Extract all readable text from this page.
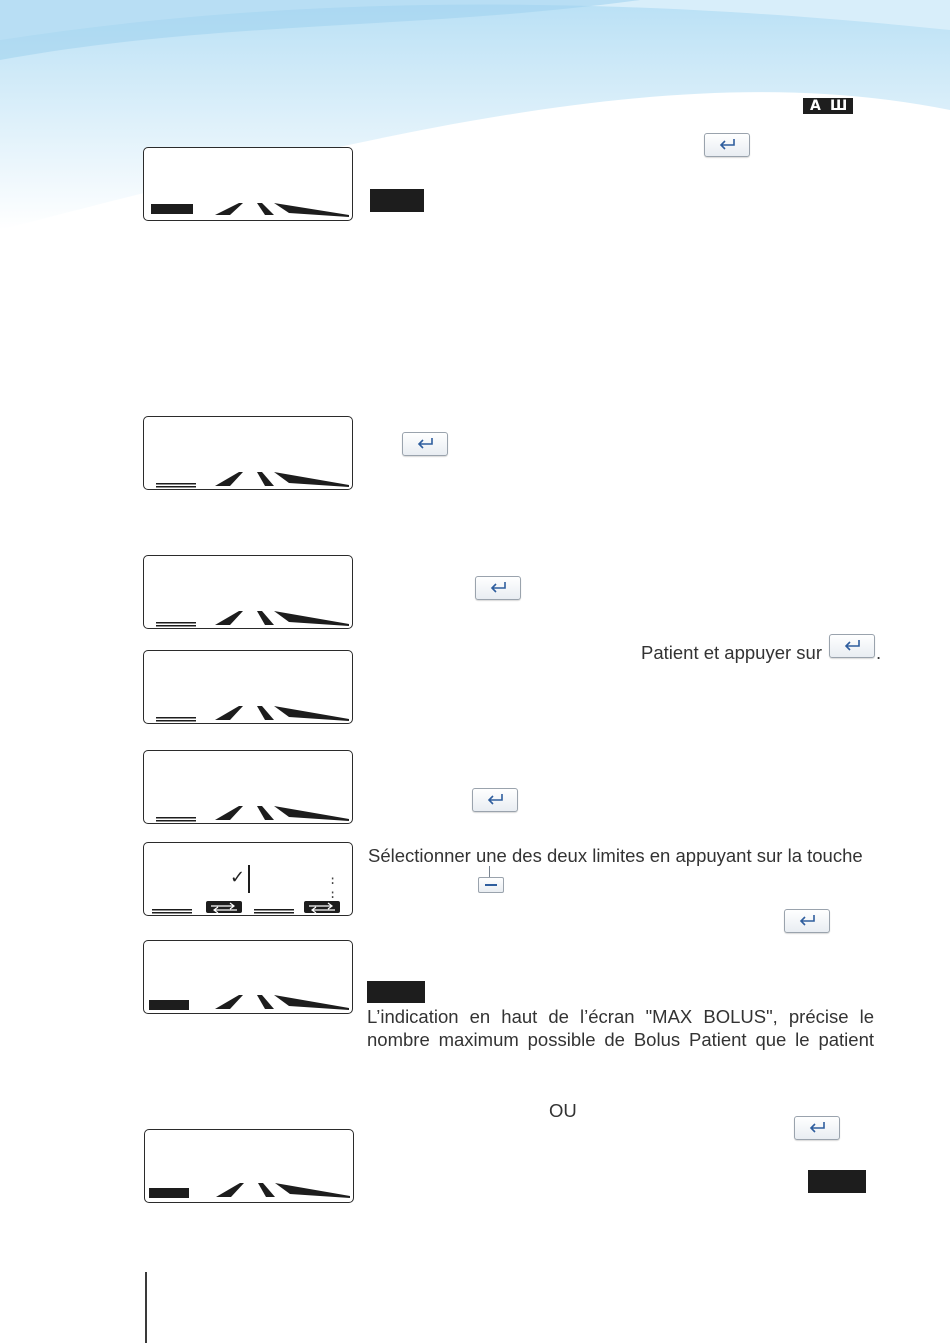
A Ш
Patient et appuyer sur	.
✓	: :
Sélectionner une des deux limites en appuyant sur la touche
L’indication en haut de l’écran "MAX BOLUS", précise le
nombre maximum possible de Bolus Patient que le patient
OU
